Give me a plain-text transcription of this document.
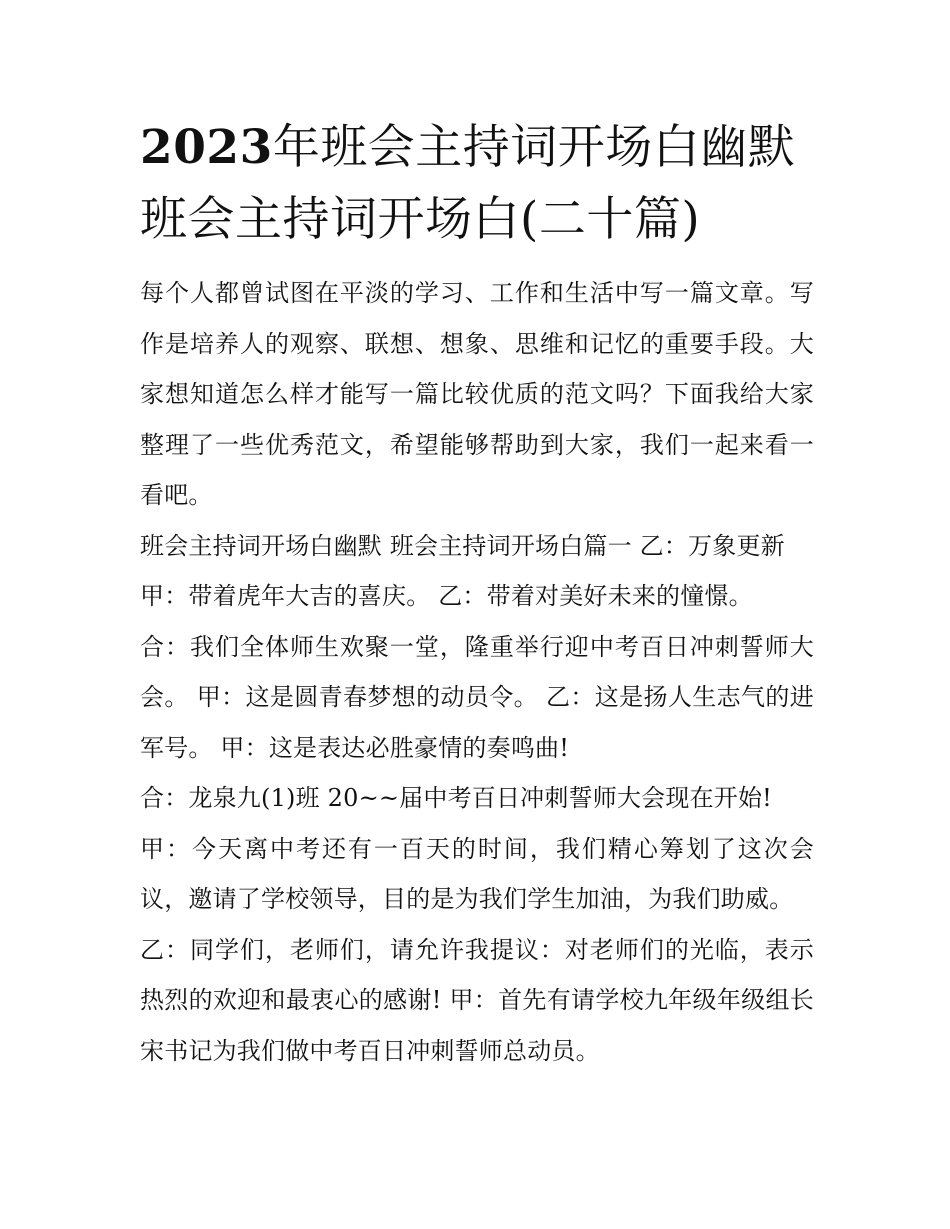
2023年班会主持词开场白幽默班会主持词开场白(二十篇)

每个人都曾试图在平淡的学习、工作和生活中写一篇文章。写作是培养人的观察、联想、想象、思维和记忆的重要手段。大家想知道怎么样才能写一篇比较优质的范文吗？下面我给大家整理了一些优秀范文，希望能够帮助到大家，我们一起来看一看吧。

班会主持词开场白幽默 班会主持词开场白篇一 乙：万象更新

甲：带着虎年大吉的喜庆。 乙：带着对美好未来的憧憬。

合：我们全体师生欢聚一堂，隆重举行迎中考百日冲刺誓师大会。 甲：这是圆青春梦想的动员令。 乙：这是扬人生志气的进军号。 甲：这是表达必胜豪情的奏鸣曲!

合：龙泉九(1)班 20~~届中考百日冲刺誓师大会现在开始!

甲：今天离中考还有一百天的时间，我们精心筹划了这次会议，邀请了学校领导，目的是为我们学生加油，为我们助威。

乙：同学们，老师们，请允许我提议：对老师们的光临，表示热烈的欢迎和最衷心的感谢! 甲：首先有请学校九年级年级组长宋书记为我们做中考百日冲刺誓师总动员。
